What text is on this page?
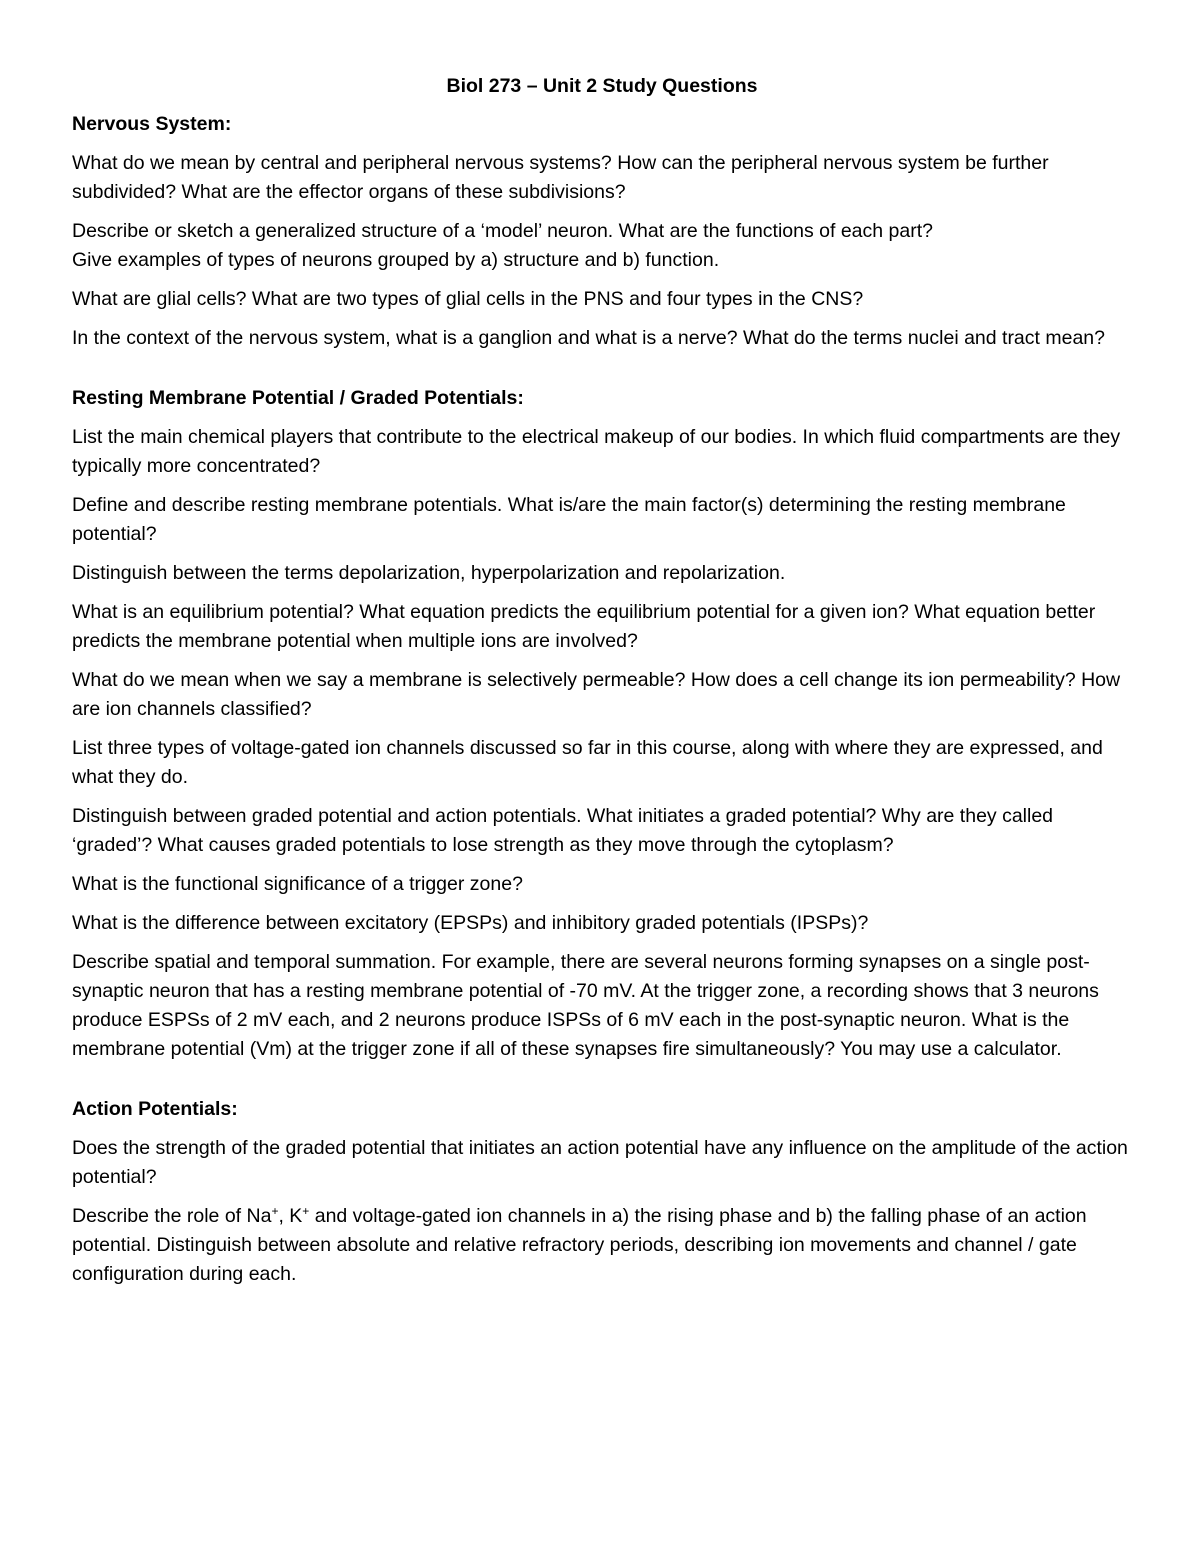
Biol 273 – Unit 2 Study Questions
Nervous System:
What do we mean by central and peripheral nervous systems? How can the peripheral nervous system be further subdivided? What are the effector organs of these subdivisions?
Describe or sketch a generalized structure of a ‘model’ neuron. What are the functions of each part?
Give examples of types of neurons grouped by a) structure and b) function.
What are glial cells? What are two types of glial cells in the PNS and four types in the CNS?
In the context of the nervous system, what is a ganglion and what is a nerve? What do the terms nuclei and tract mean?
Resting Membrane Potential / Graded Potentials:
List the main chemical players that contribute to the electrical makeup of our bodies. In which fluid compartments are they typically more concentrated?
Define and describe resting membrane potentials. What is/are the main factor(s) determining the resting membrane potential?
Distinguish between the terms depolarization, hyperpolarization and repolarization.
What is an equilibrium potential? What equation predicts the equilibrium potential for a given ion? What equation better predicts the membrane potential when multiple ions are involved?
What do we mean when we say a membrane is selectively permeable? How does a cell change its ion permeability? How are ion channels classified?
List three types of voltage-gated ion channels discussed so far in this course, along with where they are expressed, and what they do.
Distinguish between graded potential and action potentials. What initiates a graded potential? Why are they called ‘graded’? What causes graded potentials to lose strength as they move through the cytoplasm?
What is the functional significance of a trigger zone?
What is the difference between excitatory (EPSPs) and inhibitory graded potentials (IPSPs)?
Describe spatial and temporal summation. For example, there are several neurons forming synapses on a single post-synaptic neuron that has a resting membrane potential of -70 mV. At the trigger zone, a recording shows that 3 neurons produce ESPSs of 2 mV each, and 2 neurons produce ISPSs of 6 mV each in the post-synaptic neuron. What is the membrane potential (Vm) at the trigger zone if all of these synapses fire simultaneously? You may use a calculator.
Action Potentials:
Does the strength of the graded potential that initiates an action potential have any influence on the amplitude of the action potential?
Describe the role of Na+, K+ and voltage-gated ion channels in a) the rising phase and b) the falling phase of an action potential. Distinguish between absolute and relative refractory periods, describing ion movements and channel / gate configuration during each.
